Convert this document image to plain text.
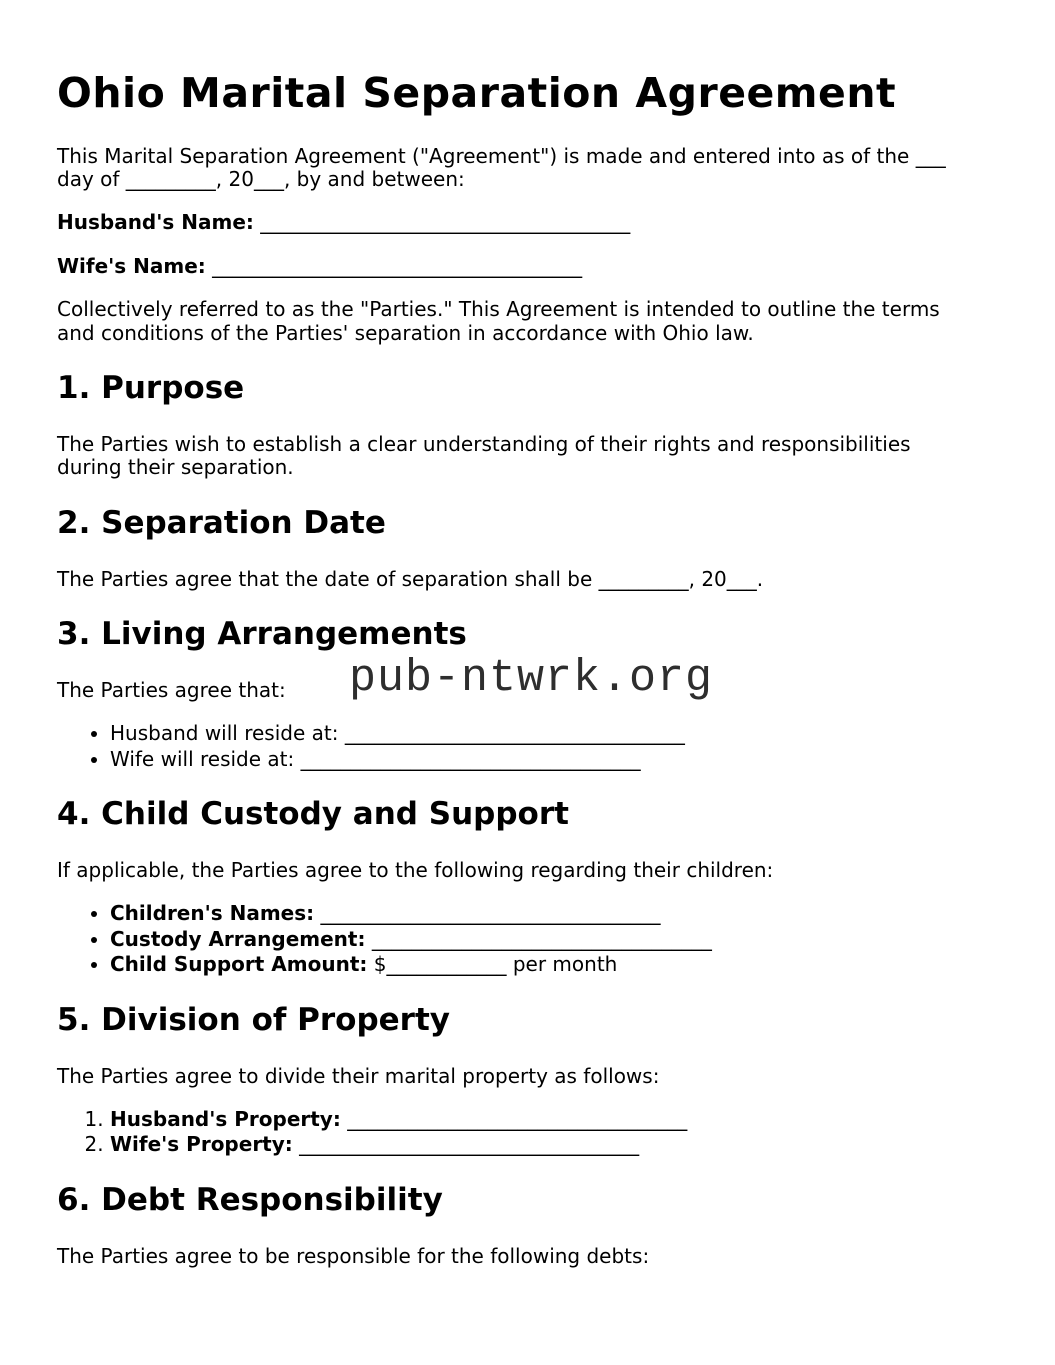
Ohio Marital Separation Agreement

This Marital Separation Agreement ("Agreement") is made and entered into as of the ___ day of _________, 20___, by and between:

Husband's Name: _____________________________________

Wife's Name: _____________________________________

Collectively referred to as the "Parties." This Agreement is intended to outline the terms and conditions of the Parties' separation in accordance with Ohio law.

1. Purpose

The Parties wish to establish a clear understanding of their rights and responsibilities during their separation.

2. Separation Date

The Parties agree that the date of separation shall be _________, 20___.

3. Living Arrangements

The Parties agree that:

• Husband will reside at: __________________________________
• Wife will reside at: __________________________________
4. Child Custody and Support

If applicable, the Parties agree to the following regarding their children:

• Children's Names: __________________________________
• Custody Arrangement: __________________________________
• Child Support Amount: $____________ per month
5. Division of Property

The Parties agree to divide their marital property as follows:

1. Husband's Property: __________________________________
2. Wife's Property: __________________________________
6. Debt Responsibility

The Parties agree to be responsible for the following debts:

pub-ntwrk.org
